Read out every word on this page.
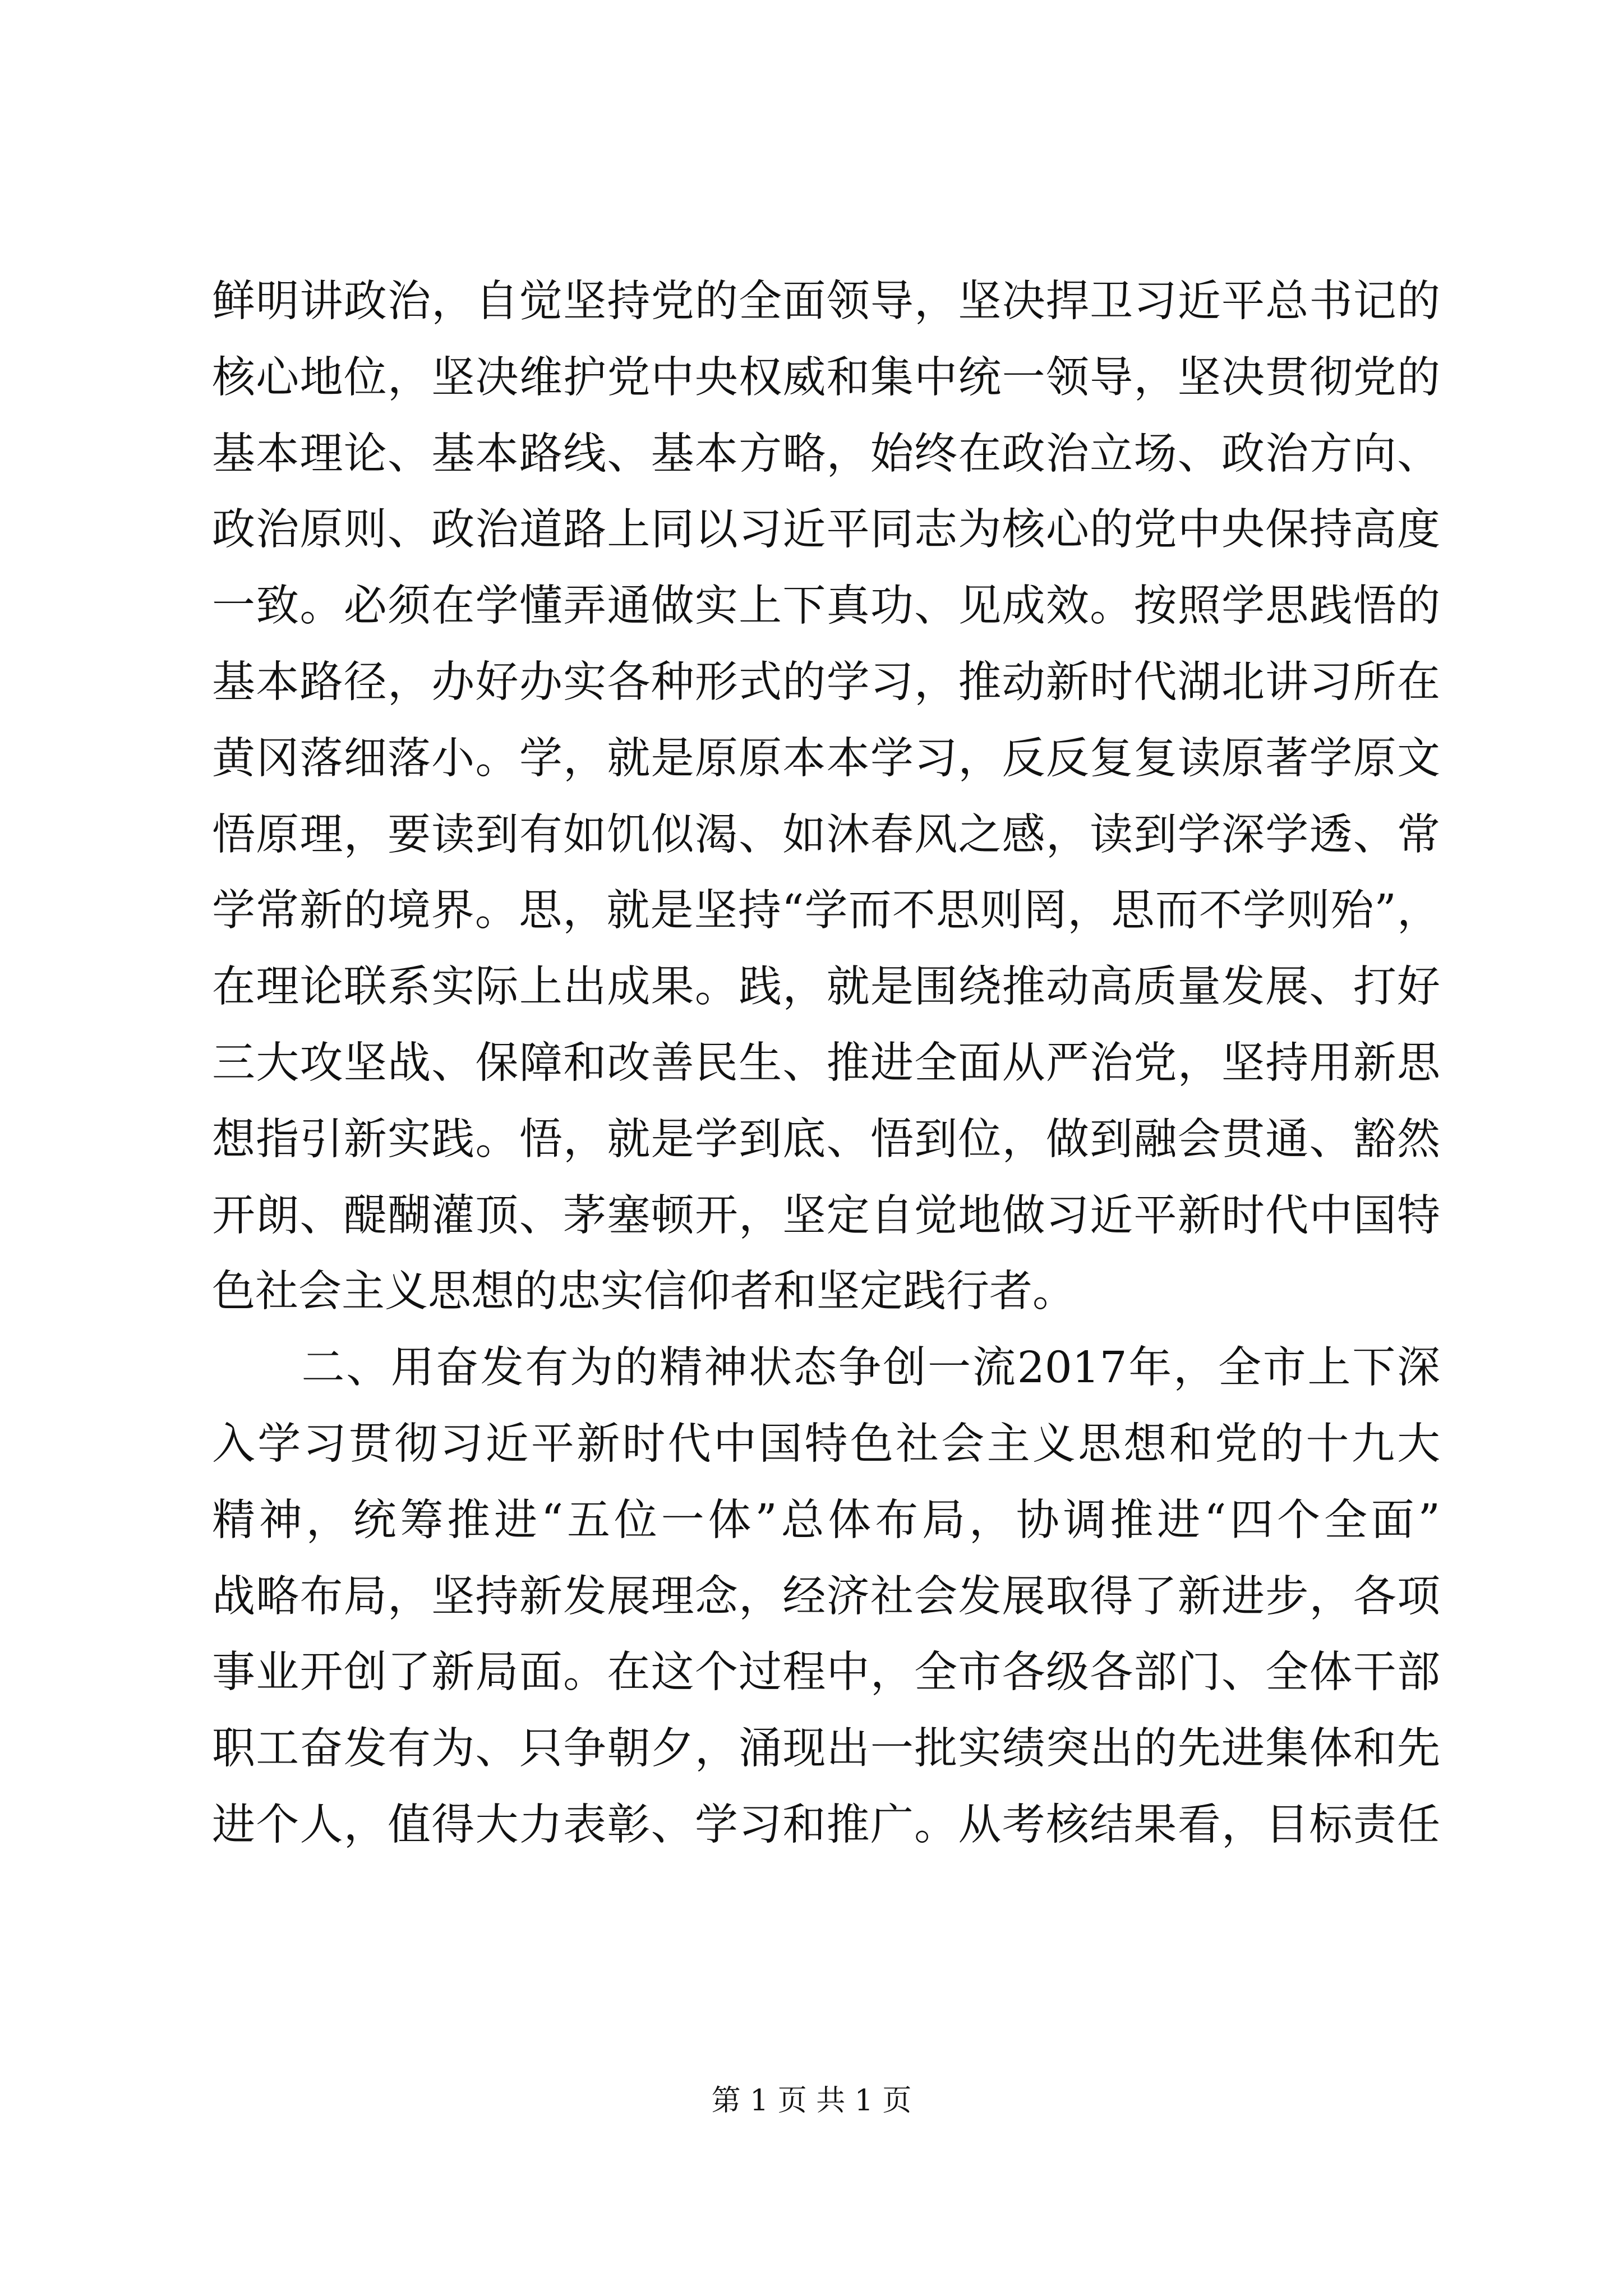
鲜明讲政治，自觉坚持党的全面领导，坚决捍卫习近平总书记的
核心地位，坚决维护党中央权威和集中统一领导，坚决贯彻党的
基本理论、基本路线、基本方略，始终在政治立场、政治方向、
政治原则、政治道路上同以习近平同志为核心的党中央保持高度
一致。必须在学懂弄通做实上下真功、见成效。按照学思践悟的
基本路径，办好办实各种形式的学习，推动新时代湖北讲习所在
黄冈落细落小。学，就是原原本本学习，反反复复读原著学原文
悟原理，要读到有如饥似渴、如沐春风之感，读到学深学透、常
学常新的境界。思，就是坚持“学而不思则罔，思而不学则殆”，
在理论联系实际上出成果。践，就是围绕推动高质量发展、打好
三大攻坚战、保障和改善民生、推进全面从严治党，坚持用新思
想指引新实践。悟，就是学到底、悟到位，做到融会贯通、豁然
开朗、醍醐灌顶、茅塞顿开，坚定自觉地做习近平新时代中国特
色社会主义思想的忠实信仰者和坚定践行者。
　　二、用奋发有为的精神状态争创一流2017年，全市上下深
入学习贯彻习近平新时代中国特色社会主义思想和党的十九大
精神，统筹推进“五位一体”总体布局，协调推进“四个全面”
战略布局，坚持新发展理念，经济社会发展取得了新进步，各项
事业开创了新局面。在这个过程中，全市各级各部门、全体干部
职工奋发有为、只争朝夕，涌现出一批实绩突出的先进集体和先
进个人，值得大力表彰、学习和推广。从考核结果看，目标责任
第 1 页 共 1 页
